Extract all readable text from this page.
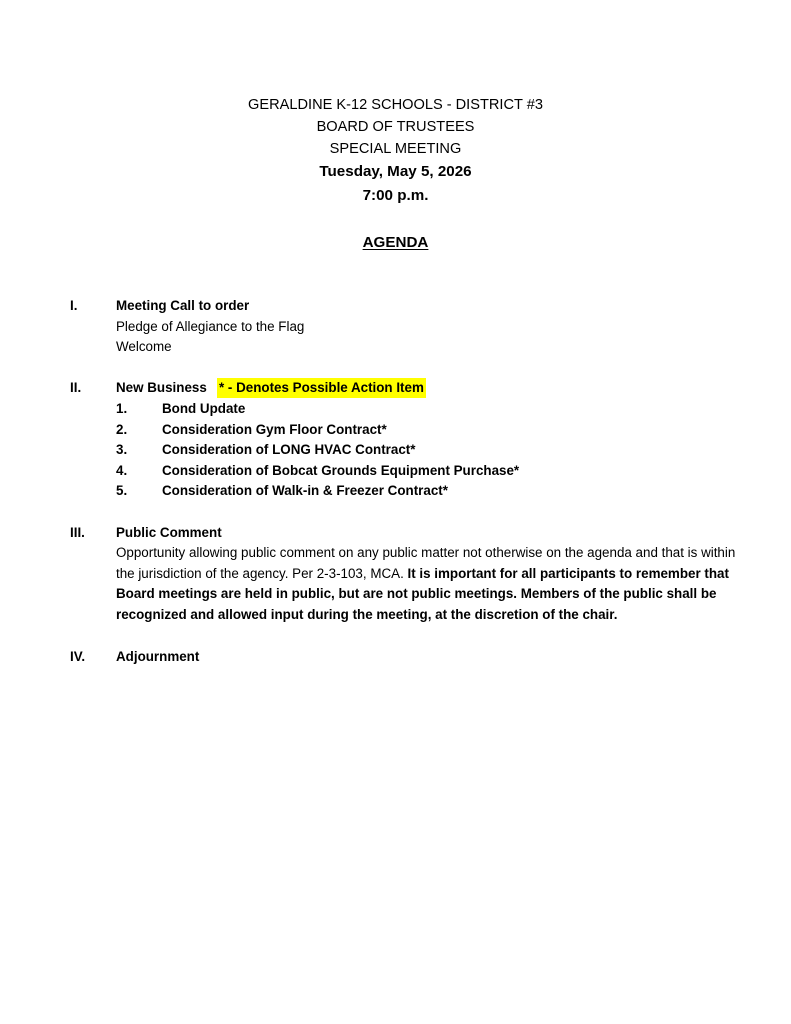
GERALDINE K-12 SCHOOLS - DISTRICT #3
BOARD OF TRUSTEES
SPECIAL MEETING
Tuesday, May 5, 2026
7:00 p.m.
AGENDA
I.	Meeting Call to order
Pledge of Allegiance to the Flag
Welcome
II.	New Business * - Denotes Possible Action Item
1.	Bond Update
2.	Consideration Gym Floor Contract*
3.	Consideration of LONG HVAC Contract*
4.	Consideration of Bobcat Grounds Equipment Purchase*
5.	Consideration of Walk-in & Freezer Contract*
III. Public Comment
Opportunity allowing public comment on any public matter not otherwise on the agenda and that is within the jurisdiction of the agency. Per 2-3-103, MCA. It is important for all participants to remember that Board meetings are held in public, but are not public meetings. Members of the public shall be recognized and allowed input during the meeting, at the discretion of the chair.
IV. Adjournment
